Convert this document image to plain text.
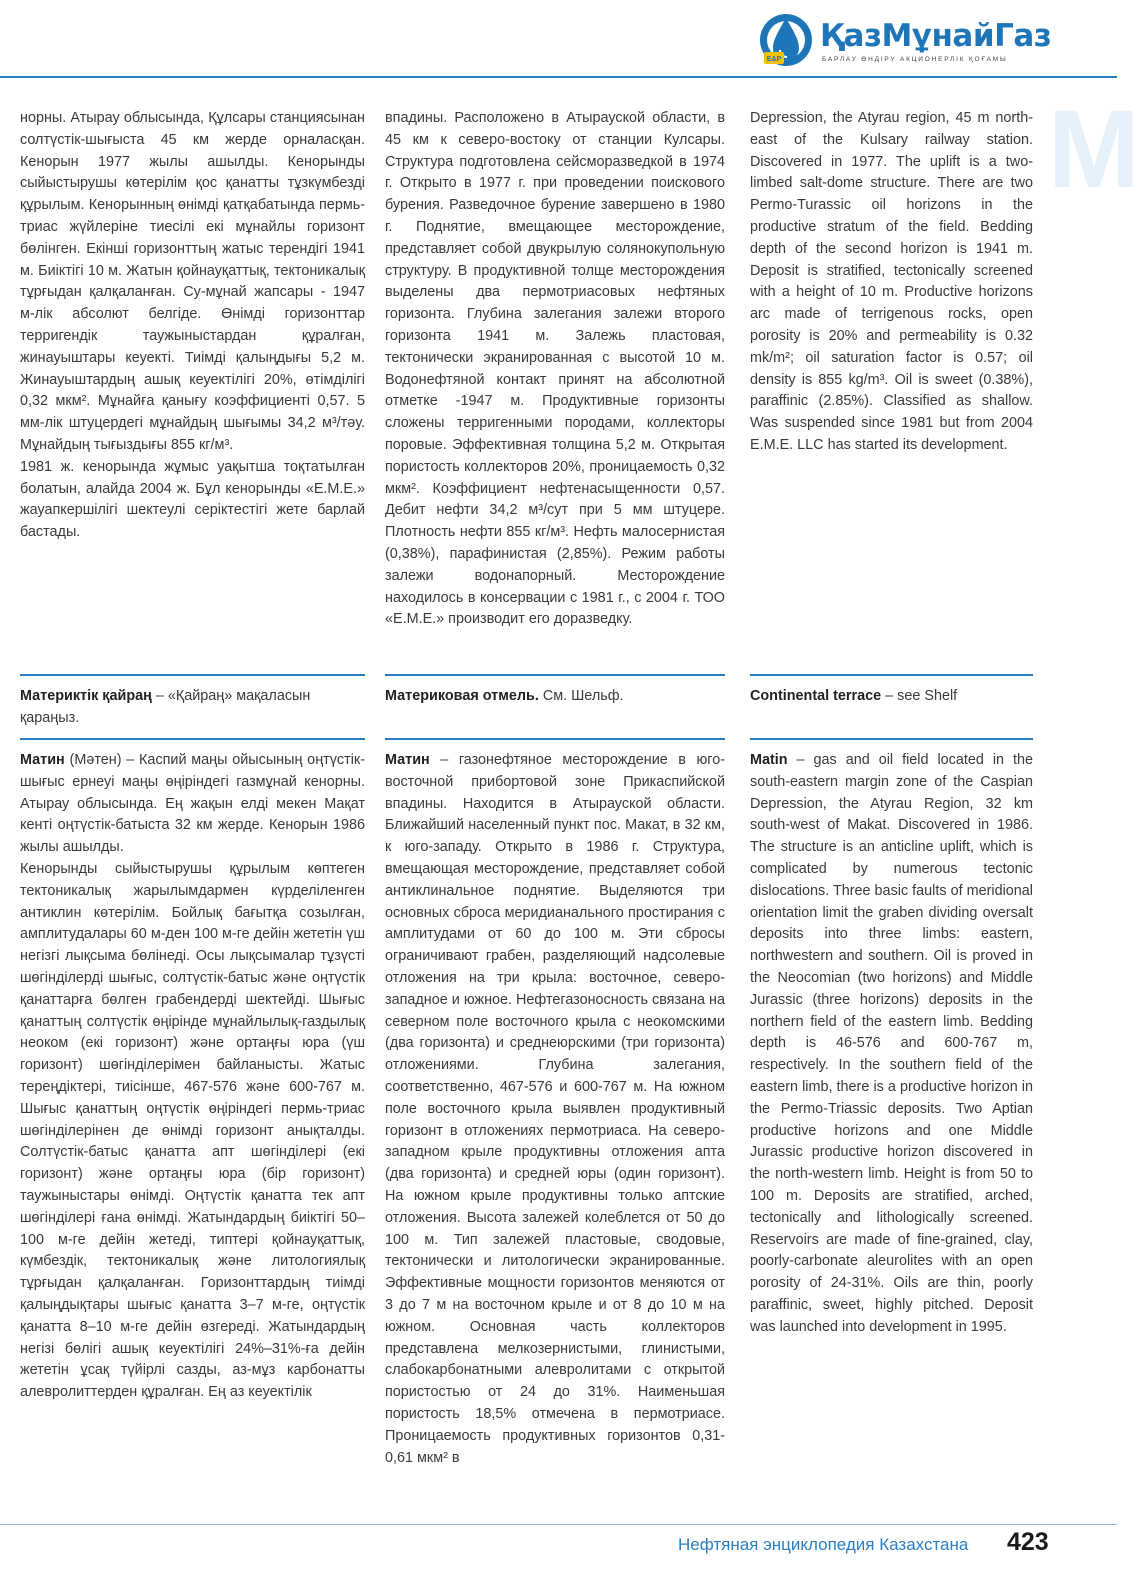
E&P
ҚазМұнайГаз
БАРЛАУ ӨНДІРУ АКЦИОНЕРЛІК ҚОҒАМЫ
M

норны. Атырау облысында, Құлсары станциясынан солтүстік-шығыста 45 км жерде орналасқан. Кенорын 1977 жылы ашылды. Кенорынды сыйыстырушы көтерілім қос қанатты тұзкүмбезді құрылым. Кенорынның өнімді қатқабатында пермь-триас жүйлеріне тиесілі екі мұнайлы горизонт бөлінген. Екінші горизонттың жатыс терендігі 1941 м. Биіктігі 10 м. Жатын қойнауқаттық, тектоникалық тұрғыдан қалқаланған. Су-мұнай жапсары - 1947 м-лік абсолют белгіде. Өнімді горизонттар терригендік таужыныстардан құралған, жинауыштары кеуекті. Тиімді қалыңдығы 5,2 м. Жинауыштардың ашық кеуектілігі 20%, өтімділігі 0,32 мкм². Мұнайға қанығу коэффициенті 0,57. 5 мм-лік штуцердегі мұнайдың шығымы 34,2 м³/тәу. Мұнайдың тығыздығы 855 кг/м³.

1981 ж. кенорында жұмыс уақытша тоқтатылған болатын, алайда 2004 ж. Бұл кенорынды «Е.М.Е.» жауапкершілігі шектеулі серіктестігі жете барлай бастады.

впадины. Расположено в Атырауской области, в 45 км к северо-востоку от станции Кулсары. Структура подготовлена сейсморазведкой в 1974 г. Открыто в 1977 г. при проведении поискового бурения. Разведочное бурение завершено в 1980 г. Поднятие, вмещающее месторождение, представляет собой двукрылую солянокупольную структуру. В продуктивной толще месторождения выделены два пермотриасовых нефтяных горизонта. Глубина залегания залежи второго горизонта 1941 м. Залежь пластовая, тектонически экранированная с высотой 10 м. Водонефтяной контакт принят на абсолютной отметке -1947 м. Продуктивные горизонты сложены терригенными породами, коллекторы поровые. Эффективная толщина 5,2 м. Открытая пористость коллекторов 20%, проницаемость 0,32 мкм². Коэффициент нефтенасыщенности 0,57. Дебит нефти 34,2 м³/сут при 5 мм штуцере. Плотность нефти 855 кг/м³. Нефть малосернистая (0,38%), парафинистая (2,85%). Режим работы залежи водонапорный. Месторождение находилось в консервации с 1981 г., с 2004 г. ТОО «Е.М.Е.» производит его доразведку.

Depression, the Atyrau region, 45 m north-east of the Kulsary railway station. Discovered in 1977. The uplift is a two-limbed salt-dome structure. There are two Permo-Turassic oil horizons in the productive stratum of the field. Bedding depth of the second horizon is 1941 m. Deposit is stratified, tectonically screened with a height of 10 m. Productive horizons arc made of terrigenous rocks, open porosity is 20% and permeability is 0.32 mk/m²; oil saturation factor is 0.57; oil density is 855 kg/m³. Oil is sweet (0.38%), paraffinic (2.85%). Classified as shallow. Was suspended since 1981 but from 2004 E.M.E. LLC has started its development.

Материктік қайраң – «Қайраң» мақаласын қараңыз.
Материковая отмель. См. Шельф.	Continental terrace – see Shelf

Матин (Мәтен) – Каспий маңы ойысының оңтүстік-шығыс ернеуі маңы өңіріндегі газмұнай кенорны. Атырау облысында. Ең жақын елді мекен Мақат кенті оңтүстік-батыста 32 км жерде. Кенорын 1986 жылы ашылды.

Кенорынды сыйыстырушы құрылым көптеген тектоникалық жарылымдармен күрделіленген антиклин көтерілім. Бойлық бағытқа созылған, амплитудалары 60 м-ден 100 м-ге дейін жететін үш негізгі лықсыма бөлінеді. Осы лықсымалар тұзүсті шөгінділерді шығыс, солтүстік-батыс және оңтүстік қанаттарға бөлген грабендерді шектейді. Шығыс қанаттың солтүстік өңірінде мұнайлылық-газдылық неоком (екі горизонт) және ортаңғы юра (үш горизонт) шөгінділерімен байланысты. Жатыс тереңдіктері, тиісінше, 467-576 және 600-767 м. Шығыс қанаттың оңтүстік өңіріндегі пермь-триас шөгінділерінен де өнімді горизонт анықталды. Солтүстік-батыс қанатта апт шөгінділері (екі горизонт) және ортаңғы юра (бір горизонт) таужыныстары өнімді. Оңтүстік қанатта тек апт шөгінділері ғана өнімді. Жатындардың биіктігі 50–100 м-ге дейін жетеді, типтері қойнауқаттық, күмбездік, тектоникалық және литологиялық тұрғыдан қалқаланған. Горизонттардың тиімді қалыңдықтары шығыс қанатта 3–7 м-ге, оңтүстік қанатта 8–10 м-ге дейін өзгереді. Жатындардың негізі бөлігі ашық кеуектілігі 24%–31%-ға дейін жететін ұсақ түйірлі сазды, аз-мұз карбонатты алевролиттерден құралған. Ең аз кеуектілік

Матин – газонефтяное месторождение в юго-восточной прибортовой зоне Прикаспийской впадины. Находится в Атырауской области. Ближайший населенный пункт пос. Макат, в 32 км, к юго-западу. Открыто в 1986 г. Структура, вмещающая месторождение, представляет собой антиклинальное поднятие. Выделяются три основных сброса меридианального простирания с амплитудами от 60 до 100 м. Эти сбросы ограничивают грабен, разделяющий надсолевые отложения на три крыла: восточное, северо-западное и южное. Нефтегазоносность связана на северном поле восточного крыла с неокомскими (два горизонта) и среднеюрскими (три горизонта) отложениями. Глубина залегания, соответственно, 467-576 и 600-767 м. На южном поле восточного крыла выявлен продуктивный горизонт в отложениях пермотриаса. На северо-западном крыле продуктивны отложения апта (два горизонта) и средней юры (один горизонт). На южном крыле продуктивны только аптские отложения. Высота залежей колеблется от 50 до 100 м. Тип залежей пластовые, сводовые, тектонически и литологически экранированные. Эффективные мощности горизонтов меняются от 3 до 7 м на восточном крыле и от 8 до 10 м на южном. Основная часть коллекторов представлена мелкозернистыми, глинистыми, слабокарбонатными алевролитами с открытой пористостью от 24 до 31%. Наименьшая пористость 18,5% отмечена в пермотриасе. Проницаемость продуктивных горизонтов 0,31-0,61 мкм² в

Matin – gas and oil field located in the south-eastern margin zone of the Caspian Depression, the Atyrau Region, 32 km south-west of Makat. Discovered in 1986. The structure is an anticline uplift, which is complicated by numerous tectonic dislocations. Three basic faults of meridional orientation limit the graben dividing oversalt deposits into three limbs: eastern, northwestern and southern. Oil is proved in the Neocomian (two horizons) and Middle Jurassic (three horizons) deposits in the northern field of the eastern limb. Bedding depth is 46-576 and 600-767 m, respectively. In the southern field of the eastern limb, there is a productive horizon in the Permo-Triassic deposits. Two Aptian productive horizons and one Middle Jurassic productive horizon discovered in the north-western limb. Height is from 50 to 100 m. Deposits are stratified, arched, tectonically and lithologically screened. Reservoirs are made of fine-grained, clay, poorly-carbonate aleurolites with an open porosity of 24-31%. Oils are thin, poorly paraffinic, sweet, highly pitched. Deposit was launched into development in 1995.

Нефтяная энциклопедия Казахстана 423
